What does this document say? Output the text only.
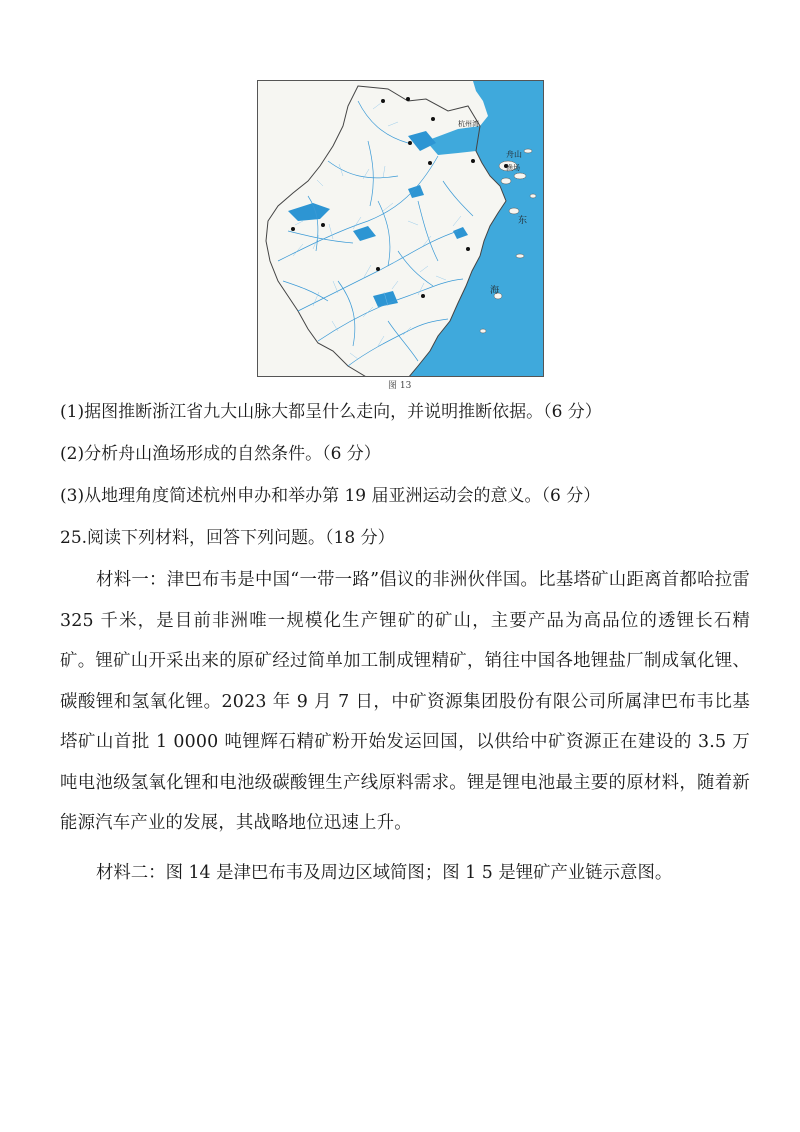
舟山
渔场
杭州湾
东
海
图 13
(1)据图推断浙江省九大山脉大都呈什么走向，并说明推断依据。（6 分）
(2)分析舟山渔场形成的自然条件。（6 分）
(3)从地理角度简述杭州申办和举办第 19 届亚洲运动会的意义。（6 分）
25.阅读下列材料，回答下列问题。（18 分）
材料一：津巴布韦是中国“一带一路”倡议的非洲伙伴国。比基塔矿山距离首都哈拉雷 325 千米，是目前非洲唯一规模化生产锂矿的矿山，主要产品为高品位的透锂长石精矿。锂矿山开采出来的原矿经过简单加工制成锂精矿，销往中国各地锂盐厂制成氧化锂、碳酸锂和氢氧化锂。2023 年 9 月 7 日，中矿资源集团股份有限公司所属津巴布韦比基塔矿山首批 1 0000 吨锂辉石精矿粉开始发运回国，以供给中矿资源正在建设的 3.5 万吨电池级氢氧化锂和电池级碳酸锂生产线原料需求。锂是锂电池最主要的原材料，随着新能源汽车产业的发展，其战略地位迅速上升。
材料二：图 14 是津巴布韦及周边区域简图；图 1 5 是锂矿产业链示意图。
